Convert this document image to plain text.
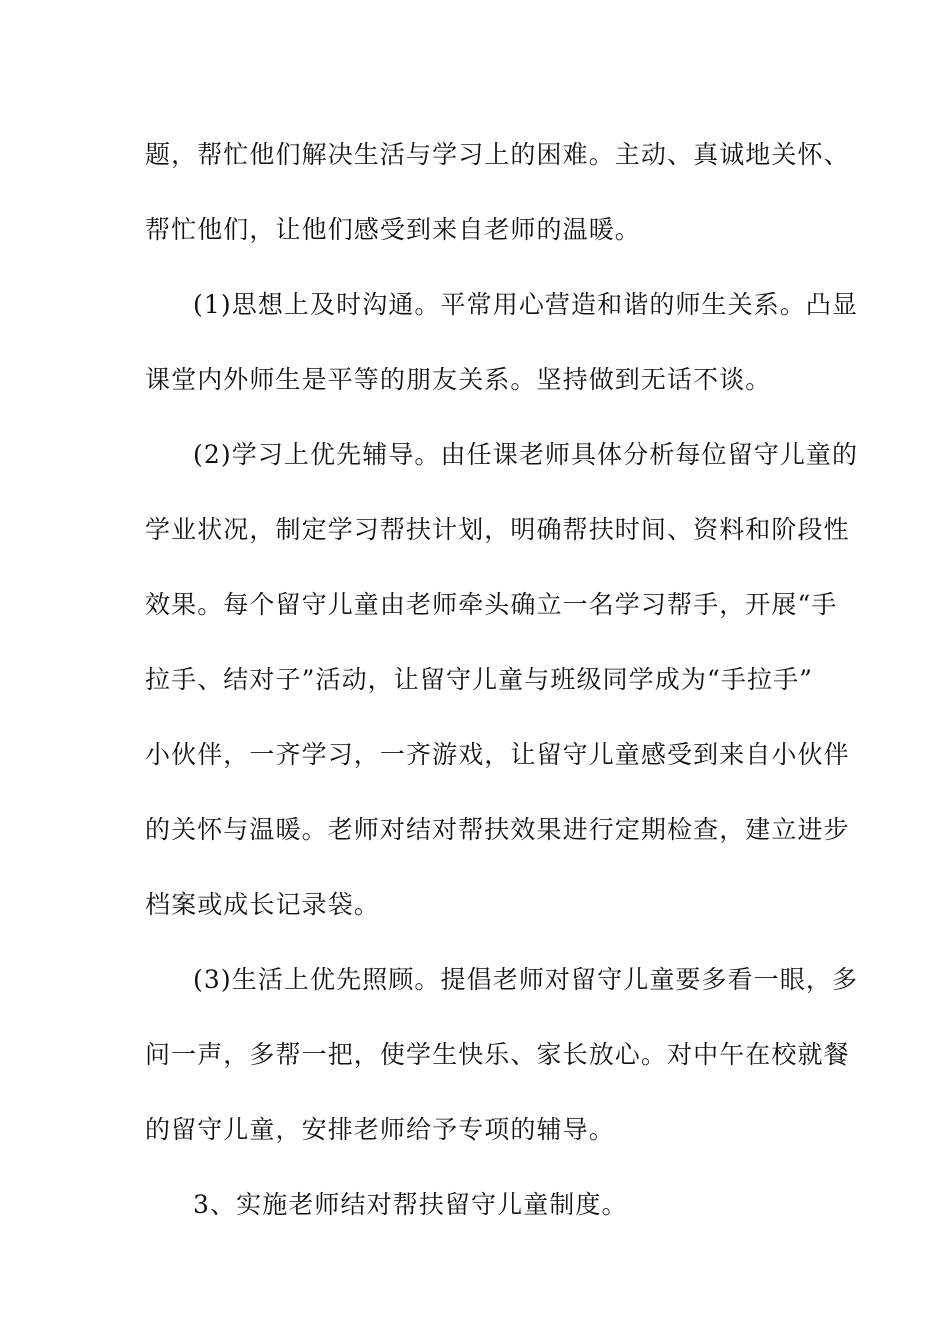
题，帮忙他们解决生活与学习上的困难。主动、真诚地关怀、
帮忙他们，让他们感受到来自老师的温暖。
(1)思想上及时沟通。平常用心营造和谐的师生关系。凸显
课堂内外师生是平等的朋友关系。坚持做到无话不谈。
(2)学习上优先辅导。由任课老师具体分析每位留守儿童的
学业状况，制定学习帮扶计划，明确帮扶时间、资料和阶段性
效果。每个留守儿童由老师牵头确立一名学习帮手，开展“手
拉手、结对子”活动，让留守儿童与班级同学成为“手拉手”
小伙伴，一齐学习，一齐游戏，让留守儿童感受到来自小伙伴
的关怀与温暖。老师对结对帮扶效果进行定期检查，建立进步
档案或成长记录袋。
(3)生活上优先照顾。提倡老师对留守儿童要多看一眼，多
问一声，多帮一把，使学生快乐、家长放心。对中午在校就餐
的留守儿童，安排老师给予专项的辅导。
3、实施老师结对帮扶留守儿童制度。
